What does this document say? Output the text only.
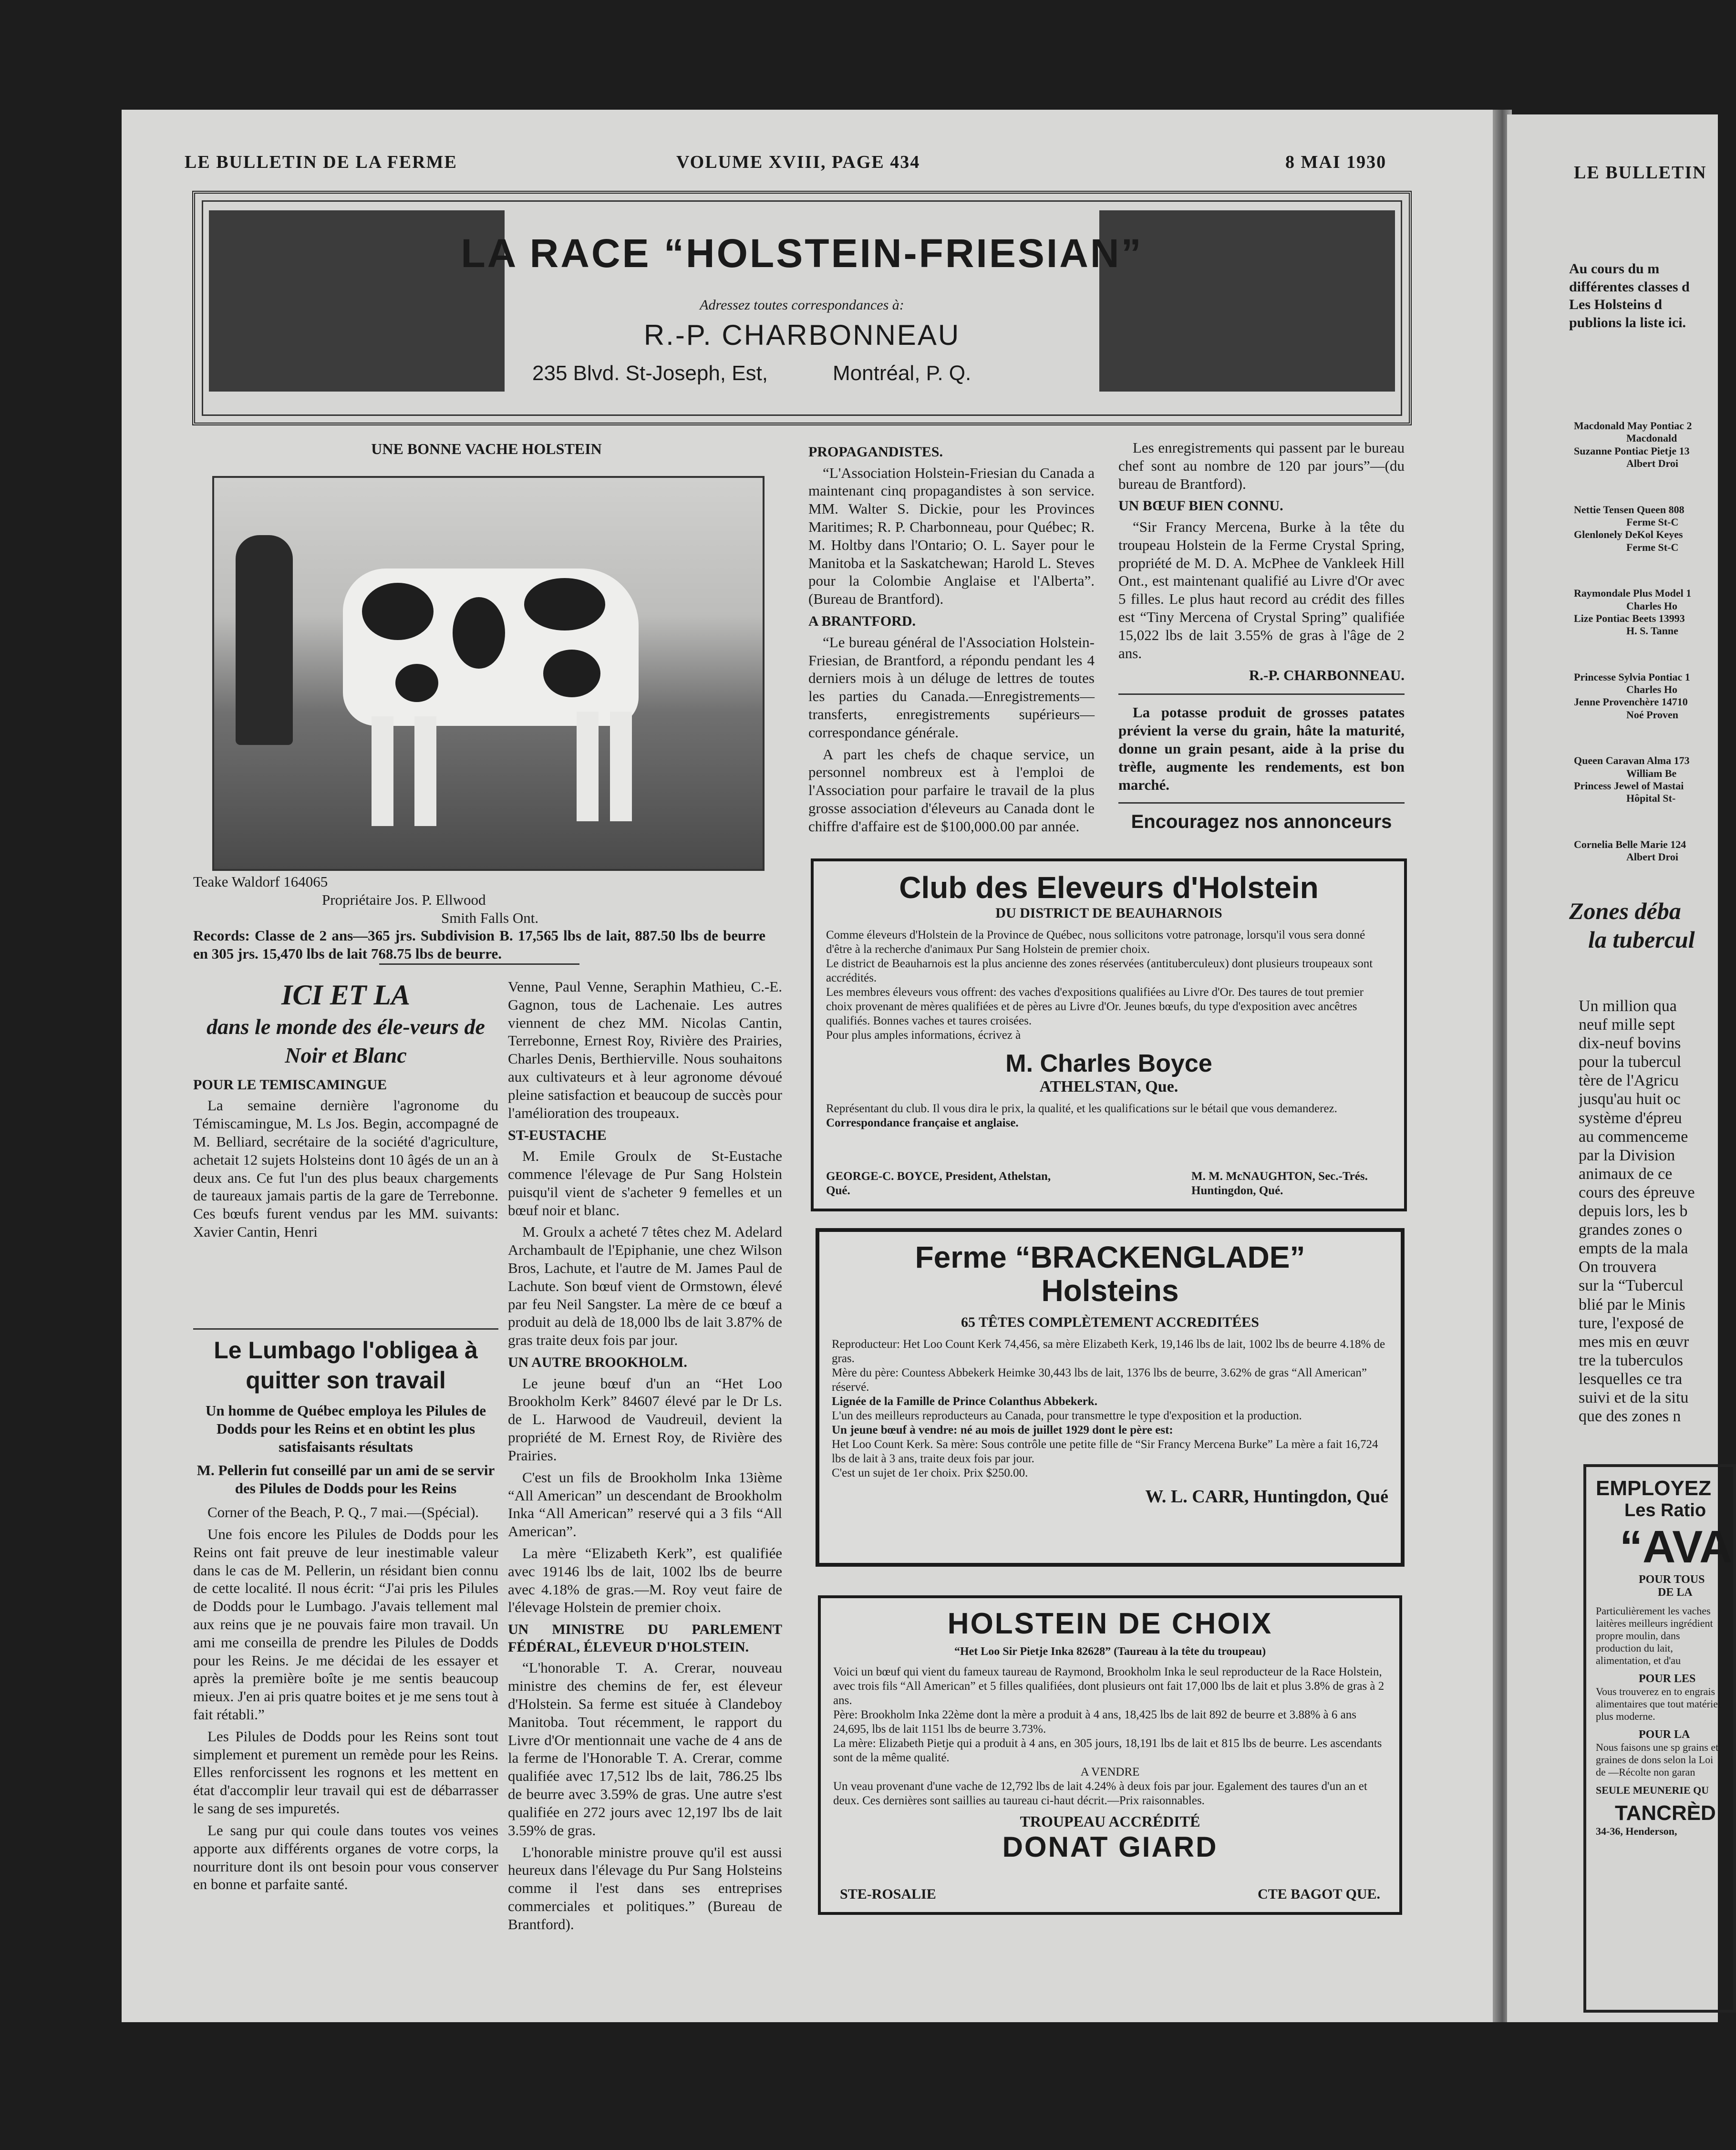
LE BULLETIN DE LA FERME	VOLUME XVIII, PAGE 434	8 MAI 1930
LA RACE “HOLSTEIN-FRIESIAN”
Adressez toutes correspondances à:
R.-P. CHARBONNEAU
235 Blvd. St-Joseph, Est,	Montréal, P. Q.
UNE BONNE VACHE HOLSTEIN
Teake Waldorf 164065
Propriétaire Jos. P. Ellwood
Smith Falls Ont.
Records: Classe de 2 ans—365 jrs. Subdivision B. 17,565 lbs de lait, 887.50 lbs de beurre en 305 jrs. 15,470 lbs de lait 768.75 lbs de beurre.
ICI ET LA
dans le monde des éle-veurs de Noir et Blanc
POUR LE TEMISCAMINGUE

La semaine dernière l'agronome du Témiscamingue, M. Ls Jos. Begin, accompagné de M. Belliard, secrétaire de la société d'agriculture, achetait 12 sujets Holsteins dont 10 âgés de un an à deux ans. Ce fut l'un des plus beaux chargements de taureaux jamais partis de la gare de Terrebonne. Ces bœufs furent vendus par les MM. suivants: Xavier Cantin, Henri

Venne, Paul Venne, Seraphin Mathieu, C.-E. Gagnon, tous de Lachenaie. Les autres viennent de chez MM. Nicolas Cantin, Terrebonne, Ernest Roy, Rivière des Prairies, Charles Denis, Berthierville. Nous souhaitons aux cultivateurs et à leur agronome dévoué pleine satisfaction et beaucoup de succès pour l'amélioration des troupeaux.

ST-EUSTACHE

M. Emile Groulx de St-Eustache commence l'élevage de Pur Sang Holstein puisqu'il vient de s'acheter 9 femelles et un bœuf noir et blanc.

M. Groulx a acheté 7 têtes chez M. Adelard Archambault de l'Epiphanie, une chez Wilson Bros, Lachute, et l'autre de M. James Paul de Lachute. Son bœuf vient de Ormstown, élevé par feu Neil Sangster. La mère de ce bœuf a produit au delà de 18,000 lbs de lait 3.87% de gras traite deux fois par jour.

UN AUTRE BROOKHOLM.

Le jeune bœuf d'un an “Het Loo Brookholm Kerk” 84607 élevé par le Dr Ls. de L. Harwood de Vaudreuil, devient la propriété de M. Ernest Roy, de Rivière des Prairies.

C'est un fils de Brookholm Inka 13ième “All American” un descendant de Brookholm Inka “All American” reservé qui a 3 fils “All American”.

La mère “Elizabeth Kerk”, est qualifiée avec 19146 lbs de lait, 1002 lbs de beurre avec 4.18% de gras.—M. Roy veut faire de l'élevage Holstein de premier choix.

UN MINISTRE DU PARLEMENT FÉDÉRAL, ÉLEVEUR D'HOLSTEIN.

“L'honorable T. A. Crerar, nouveau ministre des chemins de fer, est éleveur d'Holstein. Sa ferme est située à Clandeboy Manitoba. Tout récemment, le rapport du Livre d'Or mentionnait une vache de 4 ans de la ferme de l'Honorable T. A. Crerar, comme qualifiée avec 17,512 lbs de lait, 786.25 lbs de beurre avec 3.59% de gras. Une autre s'est qualifiée en 272 jours avec 12,197 lbs de lait 3.59% de gras.

L'honorable ministre prouve qu'il est aussi heureux dans l'élevage du Pur Sang Holsteins comme il l'est dans ses entreprises commerciales et politiques.” (Bureau de Brantford).

Le Lumbago l'obligea à quitter son travail
Un homme de Québec employa les Pilules de Dodds pour les Reins et en obtint les plus satisfaisants résultats
M. Pellerin fut conseillé par un ami de se servir des Pilules de Dodds pour les Reins

Corner of the Beach, P. Q., 7 mai.—(Spécial).

Une fois encore les Pilules de Dodds pour les Reins ont fait preuve de leur inestimable valeur dans le cas de M. Pellerin, un résidant bien connu de cette localité. Il nous écrit: “J'ai pris les Pilules de Dodds pour le Lumbago. J'avais tellement mal aux reins que je ne pouvais faire mon travail. Un ami me conseilla de prendre les Pilules de Dodds pour les Reins. Je me décidai de les essayer et après la première boîte je me sentis beaucoup mieux. J'en ai pris quatre boites et je me sens tout à fait rétabli.”

Les Pilules de Dodds pour les Reins sont tout simplement et purement un remède pour les Reins. Elles renforcissent les rognons et les mettent en état d'accomplir leur travail qui est de débarrasser le sang de ses impuretés.

Le sang pur qui coule dans toutes vos veines apporte aux différents organes de votre corps, la nourriture dont ils ont besoin pour vous conserver en bonne et parfaite santé.

PROPAGANDISTES.

“L'Association Holstein-Friesian du Canada a maintenant cinq propagandistes à son service. MM. Walter S. Dickie, pour les Provinces Maritimes; R. P. Charbonneau, pour Québec; R. M. Holtby dans l'Ontario; O. L. Sayer pour le Manitoba et la Saskatchewan; Harold L. Steves pour la Colombie Anglaise et l'Alberta”. (Bureau de Brantford).

A BRANTFORD.

“Le bureau général de l'Association Holstein-Friesian, de Brantford, a répondu pendant les 4 derniers mois à un déluge de lettres de toutes les parties du Canada.—Enregistrements—transferts, enregistrements supérieurs—correspondance générale.

A part les chefs de chaque service, un personnel nombreux est à l'emploi de l'Association pour parfaire le travail de la plus grosse association d'éleveurs au Canada dont le chiffre d'affaire est de $100,000.00 par année.

Les enregistrements qui passent par le bureau chef sont au nombre de 120 par jours”—(du bureau de Brantford).

UN BŒUF BIEN CONNU.

“Sir Francy Mercena, Burke à la tête du troupeau Holstein de la Ferme Crystal Spring, propriété de M. D. A. McPhee de Vankleek Hill Ont., est maintenant qualifié au Livre d'Or avec 5 filles. Le plus haut record au crédit des filles est “Tiny Mercena of Crystal Spring” qualifiée 15,022 lbs de lait 3.55% de gras à l'âge de 2 ans.

R.-P. CHARBONNEAU.
La potasse produit de grosses patates prévient la verse du grain, hâte la maturité, donne un grain pesant, aide à la prise du trèfle, augmente les rendements, est bon marché.
Encouragez nos annonceurs
Club des Eleveurs d'Holstein
DU DISTRICT DE BEAUHARNOIS
Comme éleveurs d'Holstein de la Province de Québec, nous sollicitons votre patronage, lorsqu'il vous sera donné d'être à la recherche d'animaux Pur Sang Holstein de premier choix.
Le district de Beauharnois est la plus ancienne des zones réservées (antituberculeux) dont plusieurs troupeaux sont accrédités.
Les membres éleveurs vous offrent: des vaches d'expositions qualifiées au Livre d'Or. Des taures de tout premier choix provenant de mères qualifiées et de pères au Livre d'Or. Jeunes bœufs, du type d'exposition avec ancêtres qualifiés. Bonnes vaches et taures croisées.
Pour plus amples informations, écrivez à
M. Charles Boyce
ATHELSTAN, Que.
Représentant du club. Il vous dira le prix, la qualité, et les qualifications sur le bétail que vous demanderez.
Correspondance française et anglaise.
GEORGE-C. BOYCE, President, Athelstan, Qué.
M. M. McNAUGHTON, Sec.-Trés. Huntingdon, Qué.
Ferme “BRACKENGLADE”
Holsteins
65 TÊTES COMPLÈTEMENT ACCREDITÉES
Reproducteur: Het Loo Count Kerk 74,456, sa mère Elizabeth Kerk, 19,146 lbs de lait, 1002 lbs de beurre 4.18% de gras.
Mère du père: Countess Abbekerk Heimke 30,443 lbs de lait, 1376 lbs de beurre, 3.62% de gras “All American” réservé.
Lignée de la Famille de Prince Colanthus Abbekerk.
L'un des meilleurs reproducteurs au Canada, pour transmettre le type d'exposition et la production.
Un jeune bœuf à vendre: né au mois de juillet 1929 dont le père est:
Het Loo Count Kerk. Sa mère: Sous contrôle une petite fille de “Sir Francy Mercena Burke” La mère a fait 16,724 lbs de lait à 3 ans, traite deux fois par jour.
C'est un sujet de 1er choix. Prix $250.00.
W. L. CARR, Huntingdon, Qué
HOLSTEIN DE CHOIX
“Het Loo Sir Pietje Inka 82628” (Taureau à la tête du troupeau)
Voici un bœuf qui vient du fameux taureau de Raymond, Brookholm Inka le seul reproducteur de la Race Holstein, avec trois fils “All American” et 5 filles qualifiées, dont plusieurs ont fait 17,000 lbs de lait et plus 3.8% de gras à 2 ans.
Père: Brookholm Inka 22ème dont la mère a produit à 4 ans, 18,425 lbs de lait 892 de beurre et 3.88% à 6 ans 24,695, lbs de lait 1151 lbs de beurre 3.73%.
La mère: Elizabeth Pietje qui a produit à 4 ans, en 305 jours, 18,191 lbs de lait et 815 lbs de beurre. Les ascendants sont de la même qualité.
A VENDRE
Un veau provenant d'une vache de 12,792 lbs de lait 4.24% à deux fois par jour. Egalement des taures d'un an et deux. Ces dernières sont saillies au taureau ci-haut décrit.—Prix raisonnables.
TROUPEAU ACCRÉDITÉ
DONAT GIARD
STE-ROSALIE	CTE BAGOT QUE.
LE BULLETIN
Au cours du m
différentes classes d
Les Holsteins d
publions la liste ici.
Macdonald May Pontiac 2
Macdonald
Suzanne Pontiac Pietje 13
Albert Droi
Nettie Tensen Queen 808
Ferme St-C
Glenlonely DeKol Keyes
Ferme St-C
Raymondale Plus Model 1
Charles Ho
Lize Pontiac Beets 13993
H. S. Tanne
Princesse Sylvia Pontiac 1
Charles Ho
Jenne Provenchère 14710
Noé Proven
Queen Caravan Alma 173
William Be
Princess Jewel of Mastai
Hôpital St-
Cornelia Belle Marie 124
Albert Droi
Zones déba
la tubercul
Un million qua
neuf mille sept
dix-neuf bovins
pour la tubercul
tère de l'Agricu
jusqu'au huit oc
système d'épreu
au commenceme
par la Division
animaux de ce
cours des épreuve
depuis lors, les b
grandes zones o
empts de la mala
On trouvera
sur la “Tubercul
blié par le Minis
ture, l'exposé de
mes mis en œuvr
tre la tuberculos
lesquelles ce tra
suivi et de la situ
que des zones n
EMPLOYEZ
Les Ratio
“AVA
POUR TOUS
DE LA
Particulièrement les vaches laitères meilleurs ingrédient propre moulin, dans production du lait, alimentation, et d'au
POUR LES
Vous trouverez en to engrais alimentaires que tout matériel plus moderne.
POUR LA
Nous faisons une sp grains et graines de dons selon la Loi de —Récolte non garan
SEULE MEUNERIE QU
TANCRÈD
34-36, Henderson,
